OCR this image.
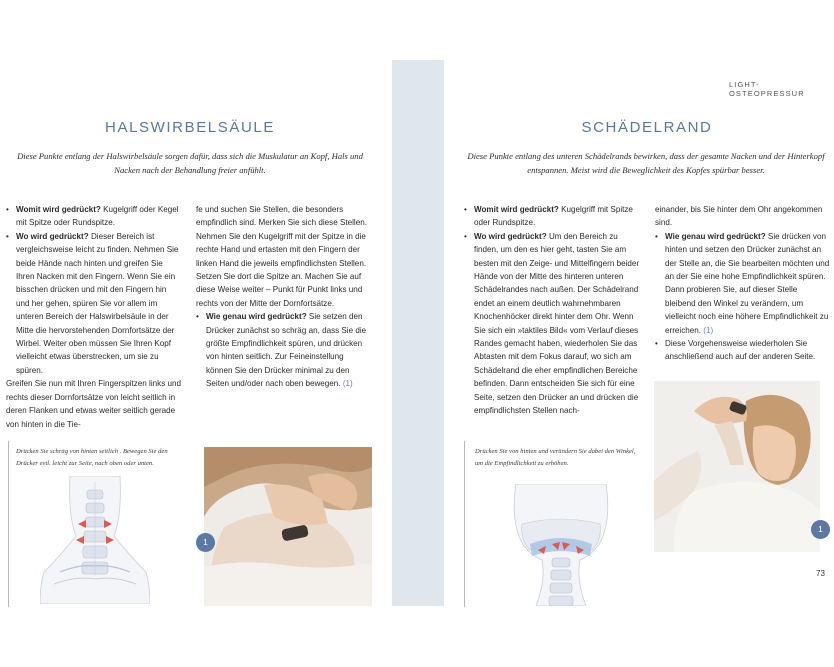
LIGHT-OSTEOPRESSUR
HALSWIRBELSÄULE
Diese Punkte entlang der Halswirbelsäule sorgen dafür, dass sich die Muskulatur an Kopf, Hals und Nacken nach der Behandlung freier anfühlt.

• Womit wird gedrückt? Kugelgriff oder Kegel mit Spitze oder Rundspitze.

• Wo wird gedrückt? Dieser Bereich ist vergleichsweise leicht zu finden. Nehmen Sie beide Hände nach hinten und greifen Sie Ihren Nacken mit den Fingern. Wenn Sie ein bisschen drücken und mit den Fingern hin und her gehen, spüren Sie vor allem im unteren Bereich der Halswirbelsäule in der Mitte die hervorstehenden Dornfortsätze der Wirbel. Weiter oben müssen Sie Ihren Kopf vielleicht etwas überstrecken, um sie zu spüren.

Greifen Sie nun mit Ihren Fingerspitzen links und rechts dieser Dornfortsätze von leicht seitlich in deren Flanken und etwas weiter seitlich gerade von hinten in die Tie-

fe und suchen Sie Stellen, die besonders empfindlich sind. Merken Sie sich diese Stellen.

Nehmen Sie den Kugelgriff mit der Spitze in die rechte Hand und ertasten mit den Fingern der linken Hand die jeweils empfindlichsten Stellen. Setzen Sie dort die Spitze an. Machen Sie auf diese Weise weiter – Punkt für Punkt links und rechts von der Mitte der Dornfortsätze.

• Wie genau wird gedrückt? Sie setzen den Drücker zunächst so schräg an, dass Sie die größte Empfindlichkeit spüren, und drücken von hinten seitlich. Zur Feineinstellung können Sie den Drücker minimal zu den Seiten und/oder nach oben bewegen. (1)

Drücken Sie schräg von hinten seitlich . Bewegen Sie den Drücker evtl. leicht zur Seite, nach oben oder unten.
1
SCHÄDELRAND
Diese Punkte entlang des unteren Schädelrands bewirken, dass der gesamte Nacken und der Hinterkopf entspannen. Meist wird die Beweglichkeit des Kopfes spürbar besser.

• Womit wird gedrückt? Kugelgriff mit Spitze oder Rundspitze.

• Wo wird gedrückt? Um den Bereich zu finden, um den es hier geht, tasten Sie am besten mit den Zeige- und Mittelfingern beider Hände von der Mitte des hinteren unteren Schädelrandes nach außen. Der Schädelrand endet an einem deutlich wahrnehmbaren Knochenhöcker direkt hinter dem Ohr. Wenn Sie sich ein »taktiles Bild« vom Verlauf dieses Randes gemacht haben, wiederholen Sie das Abtasten mit dem Fokus darauf, wo sich am Schädelrand die eher empfindlichen Bereiche befinden. Dann entscheiden Sie sich für eine Seite, setzen den Drücker an und drücken die empfindlichsten Stellen nach-

einander, bis Sie hinter dem Ohr angekommen sind.

• Wie genau wird gedrückt? Sie drücken von hinten und setzen den Drücker zunächst an der Stelle an, die Sie bearbeiten möchten und an der Sie eine hohe Empfindlichkeit spüren. Dann probieren Sie, auf dieser Stelle bleibend den Winkel zu verändern, um vielleicht noch eine höhere Empfindlichkeit zu erreichen. (1)

• Diese Vorgehensweise wiederholen Sie anschließend auch auf der anderen Seite.

Drücken Sie von hinten und verändern Sie dabei den Winkel, um die Empfindlichkeit zu erhöhen.
1
73
